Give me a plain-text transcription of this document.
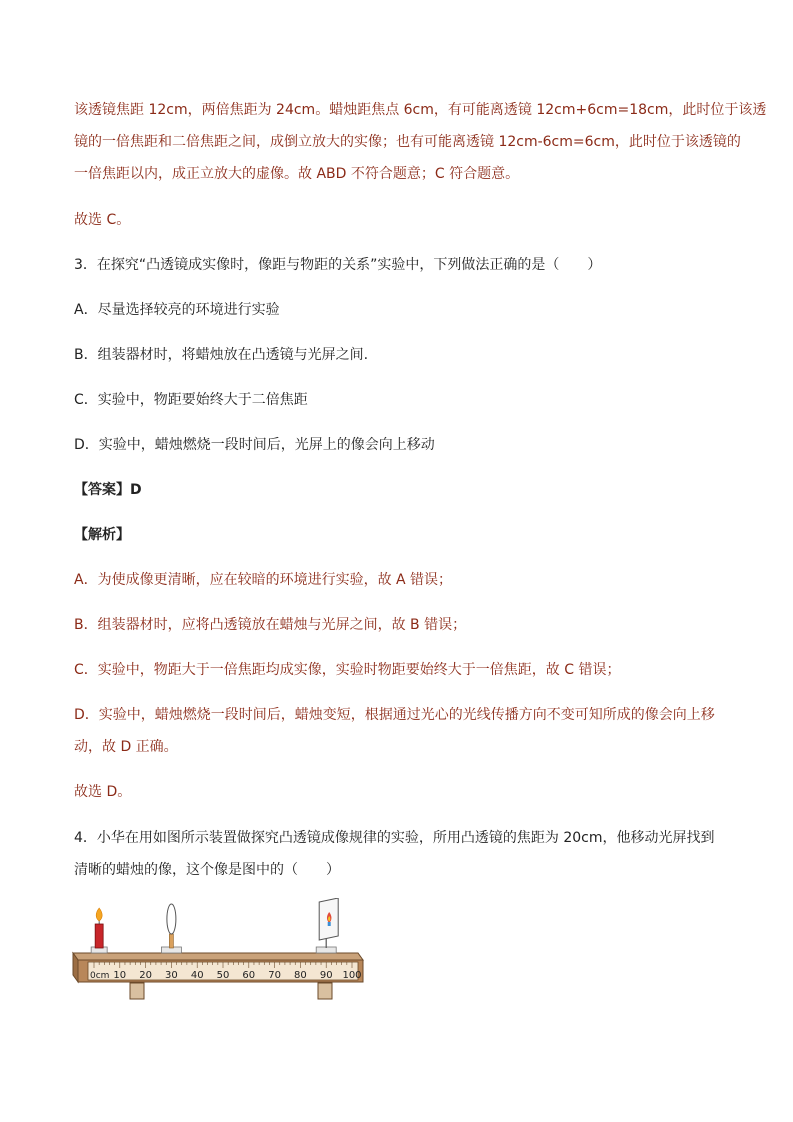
该透镜焦距 12cm，两倍焦距为 24cm。蜡烛距焦点 6cm，有可能离透镜 12cm+6cm=18cm，此时位于该透
镜的一倍焦距和二倍焦距之间，成倒立放大的实像；也有可能离透镜 12cm-6cm=6cm，此时位于该透镜的
一倍焦距以内，成正立放大的虚像。故 ABD 不符合题意；C 符合题意。
故选 C。
3．在探究“凸透镜成实像时，像距与物距的关系”实验中，下列做法正确的是（　　）
A．尽量选择较亮的环境进行实验
B．组装器材时，将蜡烛放在凸透镜与光屏之间.
C．实验中，物距要始终大于二倍焦距
D．实验中，蜡烛燃烧一段时间后，光屏上的像会向上移动
【答案】D
【解析】
A．为使成像更清晰，应在较暗的环境进行实验，故 A 错误；
B．组装器材时，应将凸透镜放在蜡烛与光屏之间，故 B 错误；
C．实验中，物距大于一倍焦距均成实像，实验时物距要始终大于一倍焦距，故 C 错误；
D．实验中，蜡烛燃烧一段时间后，蜡烛变短，根据通过光心的光线传播方向不变可知所成的像会向上移动，故 D 正确。
故选 D。
4．小华在用如图所示装置做探究凸透镜成像规律的实验，所用凸透镜的焦距为 20cm，他移动光屏找到清晰的蜡烛的像，这个像是图中的（　　）
0cm 10 20 30 40 50 60 70 80 90 100
